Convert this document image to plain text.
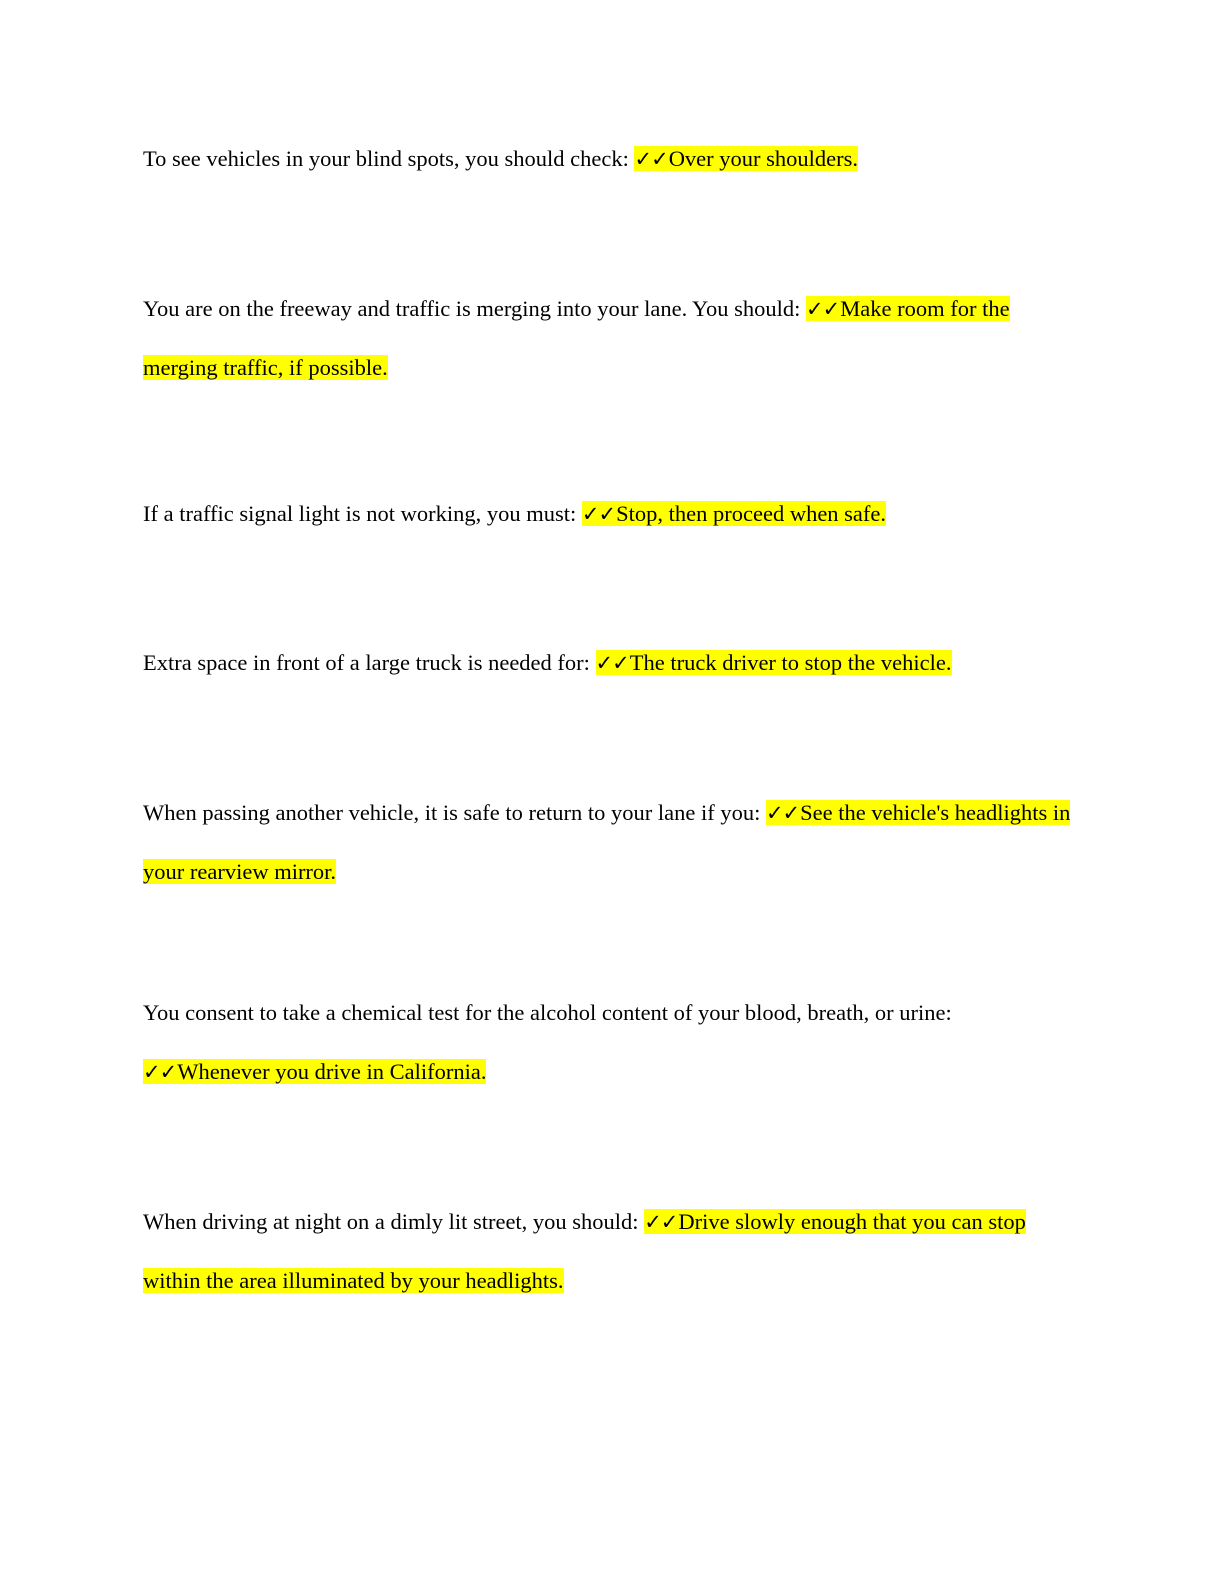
To see vehicles in your blind spots, you should check: ✓✓Over your shoulders.

You are on the freeway and traffic is merging into your lane. You should: ✓✓Make room for the merging traffic, if possible.

If a traffic signal light is not working, you must: ✓✓Stop, then proceed when safe.

Extra space in front of a large truck is needed for: ✓✓The truck driver to stop the vehicle.

When passing another vehicle, it is safe to return to your lane if you: ✓✓See the vehicle's headlights in your rearview mirror.

You consent to take a chemical test for the alcohol content of your blood, breath, or urine:✓✓Whenever you drive in California.

When driving at night on a dimly lit street, you should: ✓✓Drive slowly enough that you can stop within the area illuminated by your headlights.
